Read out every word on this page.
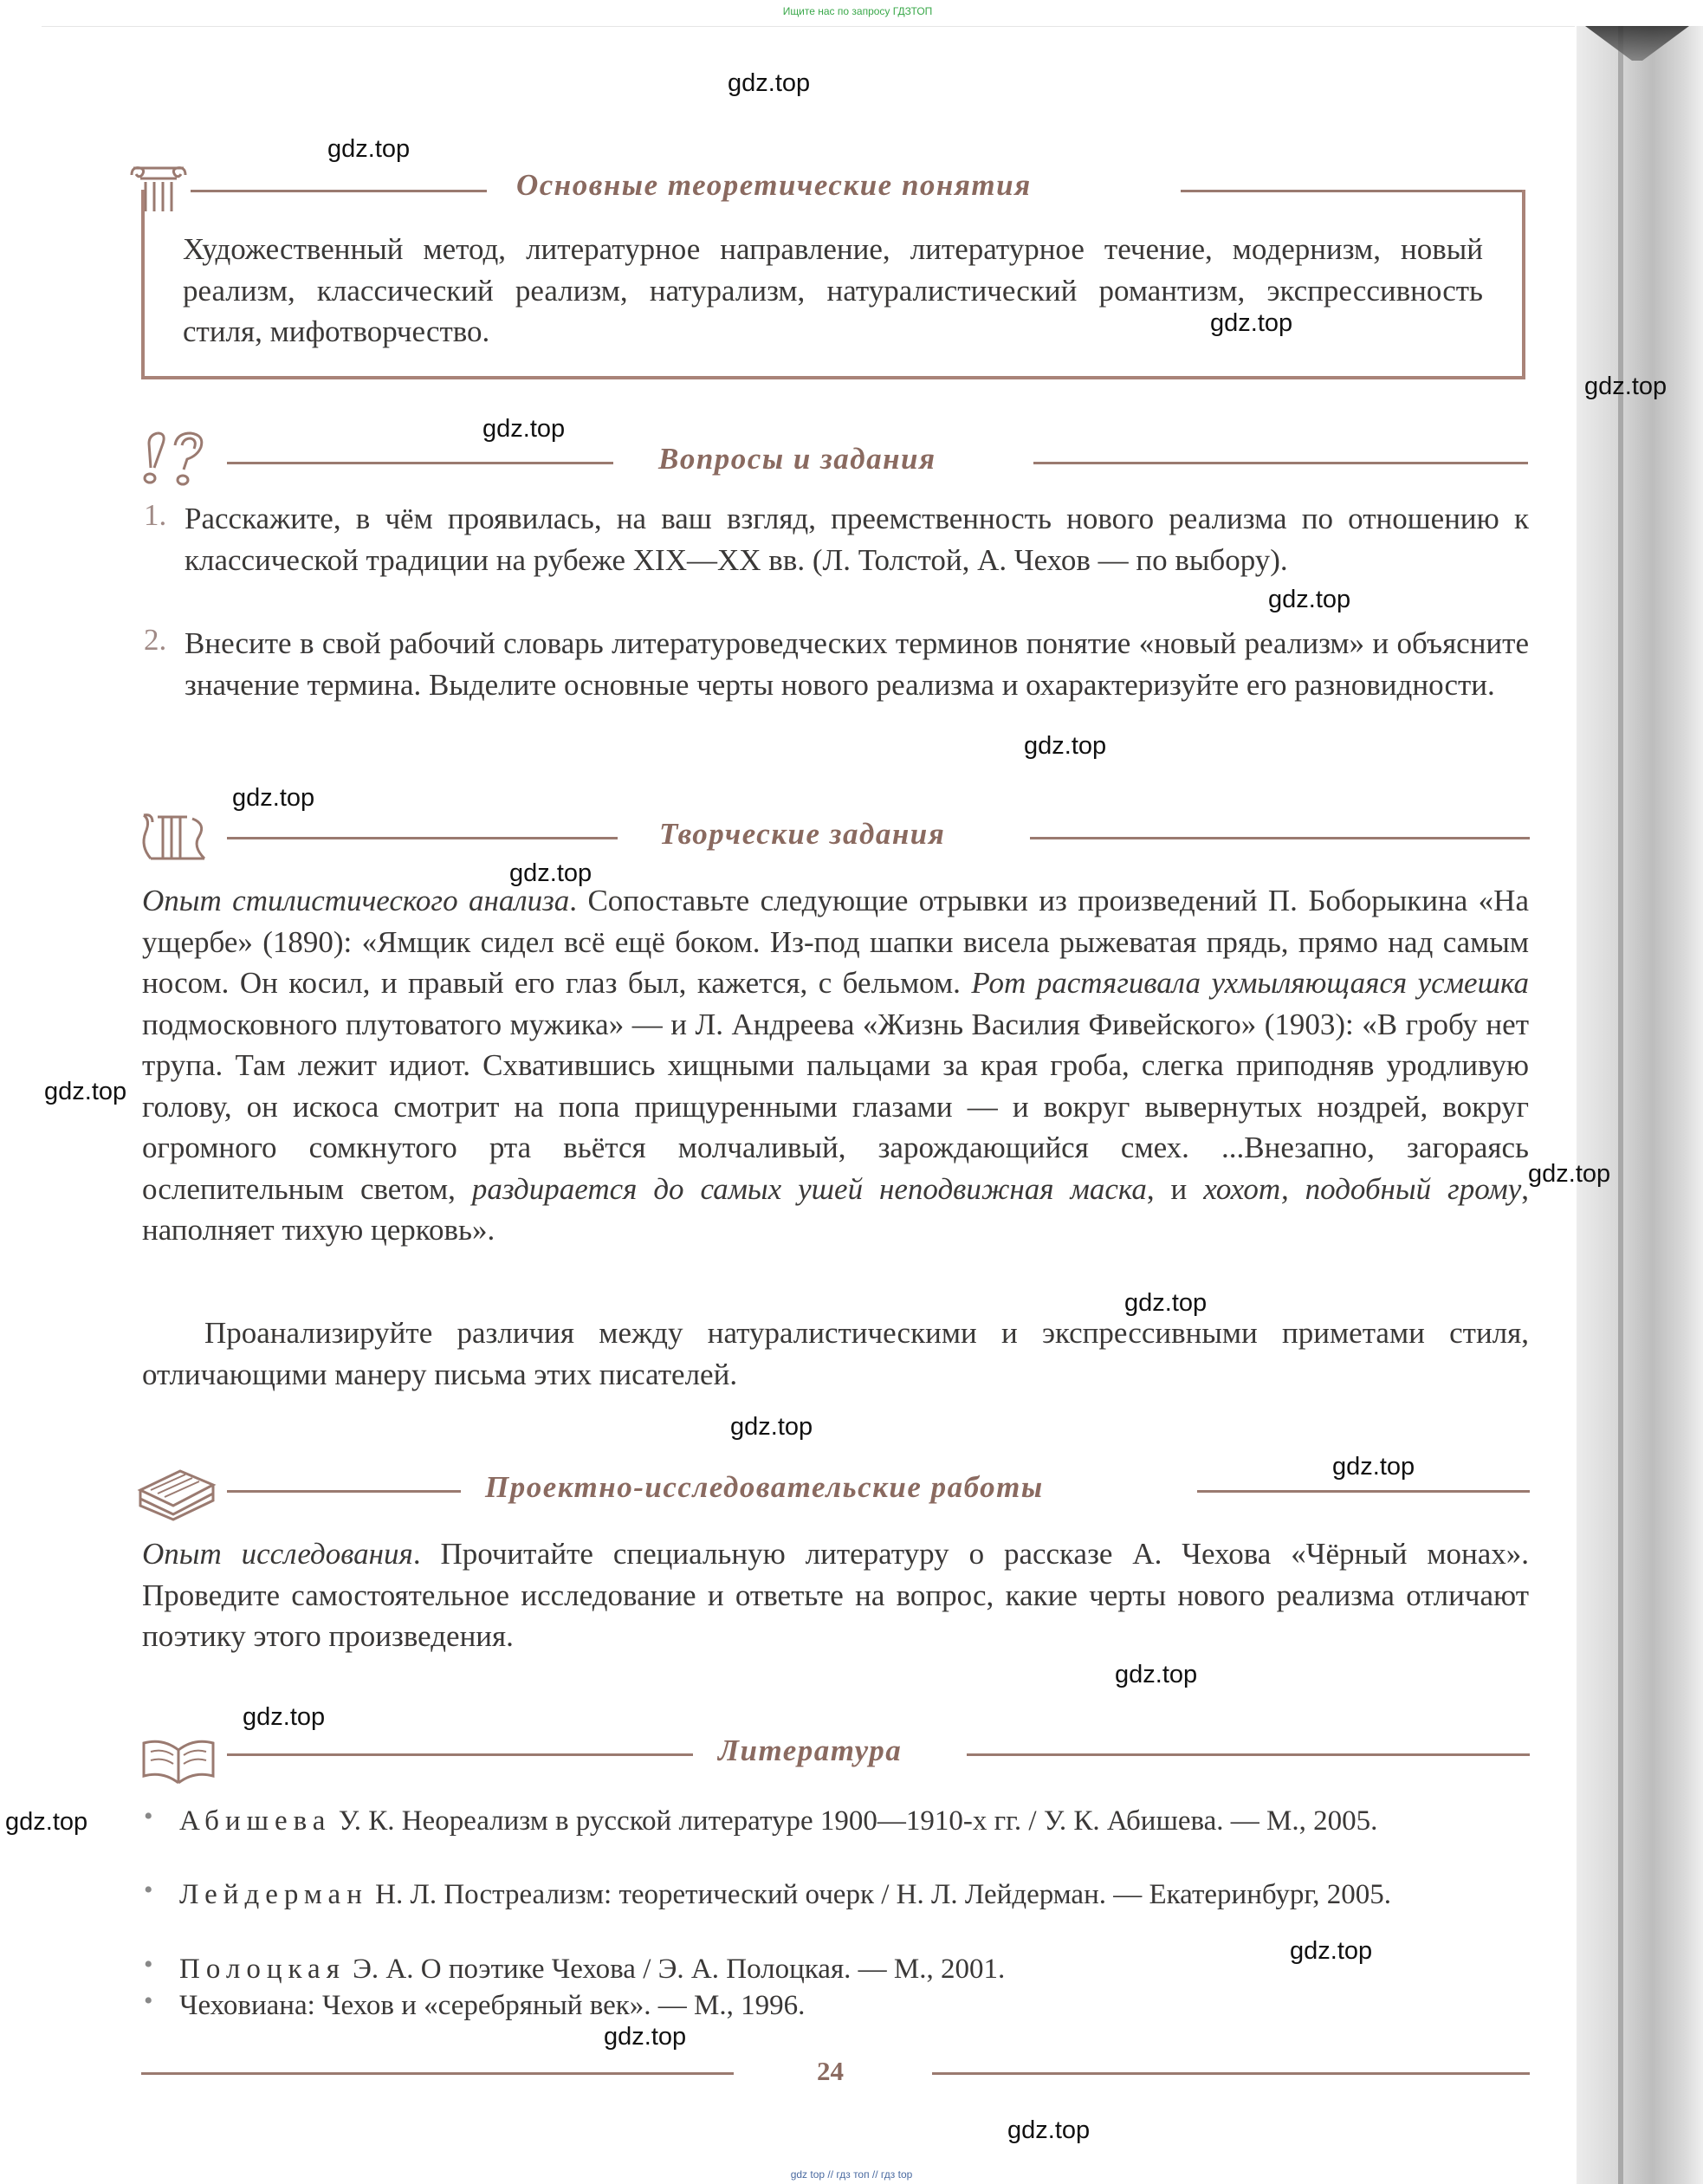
Ищите нас по запросу ГДЗТОП
gdz.top
gdz.top
gdz.top
gdz.top
gdz.top
gdz.top
gdz.top
gdz.top
gdz.top
gdz.top
gdz.top
gdz.top
gdz.top
gdz.top
gdz.top
gdz.top
gdz.top
gdz.top
gdz.top
gdz.top
Основные теоретические понятия
Художественный метод, литературное направление, литературное течение, модернизм, новый реализм, классический реализм, натурализм, натуралистический романтизм, экспрессивность стиля, мифотворчество.
Вопросы и задания
1. Расскажите, в чём проявилась, на ваш взгляд, преемственность нового реализма по отношению к классической традиции на рубеже XIX—XX вв. (Л. Толстой, А. Чехов — по выбору).
2. Внесите в свой рабочий словарь литературоведческих терминов понятие «новый реализм» и объясните значение термина. Выделите основные черты нового реализма и охарактеризуйте его разновидности.
Творческие задания
Опыт стилистического анализа. Сопоставьте следующие отрывки из произведений П. Боборыкина «На ущербе» (1890): «Ямщик сидел всё ещё боком. Из-под шапки висела рыжеватая прядь, прямо над самым носом. Он косил, и правый его глаз был, кажется, с бельмом. Рот растягивала ухмыляющаяся усмешка подмосковного плутоватого мужика» — и Л. Андреева «Жизнь Василия Фивейского» (1903): «В гробу нет трупа. Там лежит идиот. Схватившись хищными пальцами за края гроба, слегка приподняв уродливую голову, он искоса смотрит на попа прищуренными глазами — и вокруг вывернутых ноздрей, вокруг огромного сомкнутого рта вьётся молчаливый, зарождающийся смех. ...Внезапно, загораясь ослепительным светом, раздирается до самых ушей неподвижная маска, и хохот, подобный грому, наполняет тихую церковь».
Проанализируйте различия между натуралистическими и экспрессивными приметами стиля, отличающими манеру письма этих писателей.
Проектно-исследовательские работы
Опыт исследования. Прочитайте специальную литературу о рассказе А. Чехова «Чёрный монах». Проведите самостоятельное исследование и ответьте на вопрос, какие черты нового реализма отличают поэтику этого произведения.
Литература
• Абишева У. К. Неореализм в русской литературе 1900—1910-х гг. / У. К. Абишева. — М., 2005.
• Лейдерман Н. Л. Постреализм: теоретический очерк / Н. Л. Лейдерман. — Екатеринбург, 2005.
• Полоцкая Э. А. О поэтике Чехова / Э. А. Полоцкая. — М., 2001.
• Чеховиана: Чехов и «серебряный век». — М., 1996.
24
gdz top // гдз топ // гдз top
